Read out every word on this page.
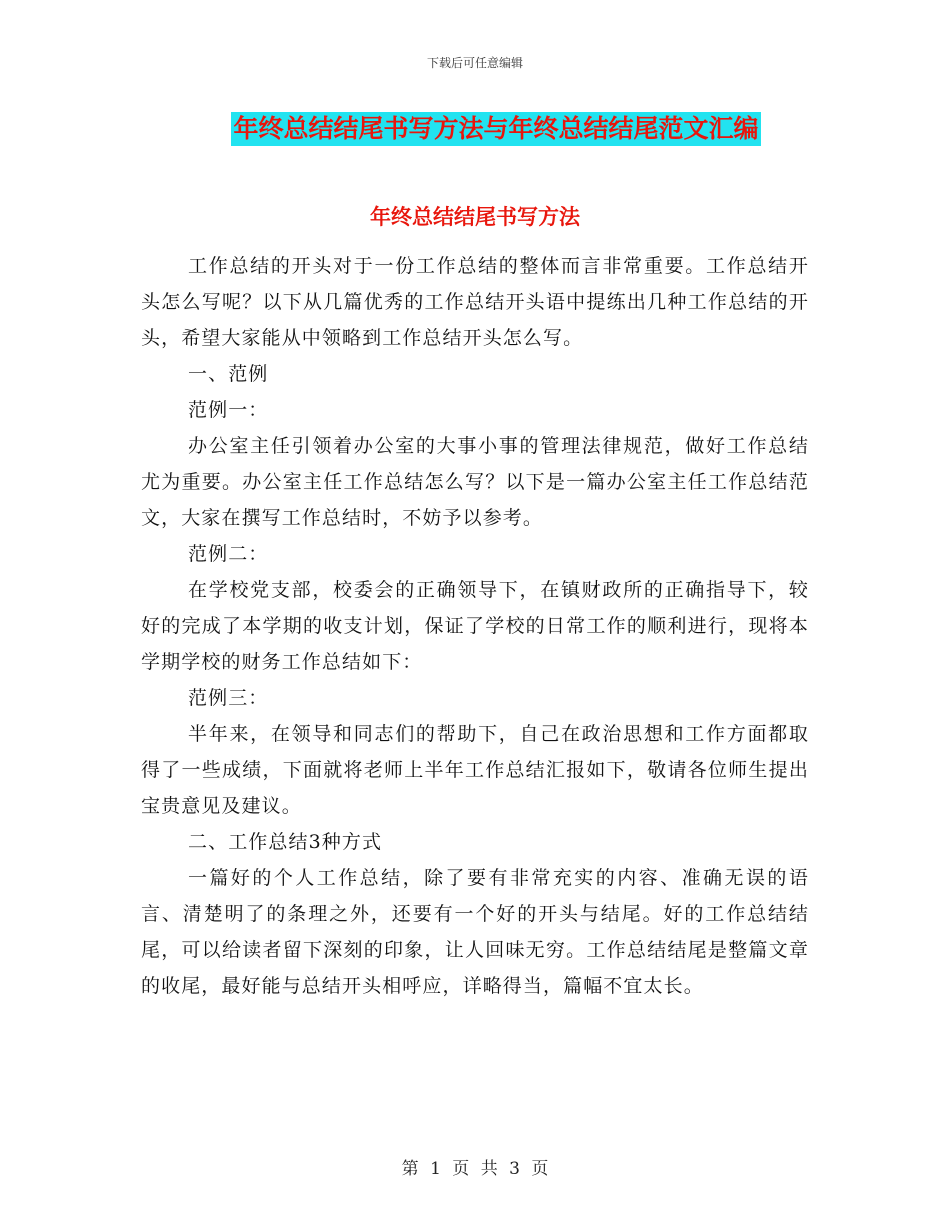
下载后可任意编辑
年终总结结尾书写方法与年终总结结尾范文汇编
年终总结结尾书写方法

工作总结的开头对于一份工作总结的整体而言非常重要。工作总结开头怎么写呢？以下从几篇优秀的工作总结开头语中提练出几种工作总结的开头，希望大家能从中领略到工作总结开头怎么写。

一、范例

范例一：

办公室主任引领着办公室的大事小事的管理法律规范，做好工作总结尤为重要。办公室主任工作总结怎么写？以下是一篇办公室主任工作总结范文，大家在撰写工作总结时，不妨予以参考。

范例二：

在学校党支部，校委会的正确领导下，在镇财政所的正确指导下，较好的完成了本学期的收支计划，保证了学校的日常工作的顺利进行，现将本学期学校的财务工作总结如下：

范例三：

半年来，在领导和同志们的帮助下，自己在政治思想和工作方面都取得了一些成绩，下面就将老师上半年工作总结汇报如下，敬请各位师生提出宝贵意见及建议。

二、工作总结3种方式

一篇好的个人工作总结，除了要有非常充实的内容、准确无误的语言、清楚明了的条理之外，还要有一个好的开头与结尾。好的工作总结结尾，可以给读者留下深刻的印象，让人回味无穷。工作总结结尾是整篇文章的收尾，最好能与总结开头相呼应，详略得当，篇幅不宜太长。

第 1 页 共 3 页
